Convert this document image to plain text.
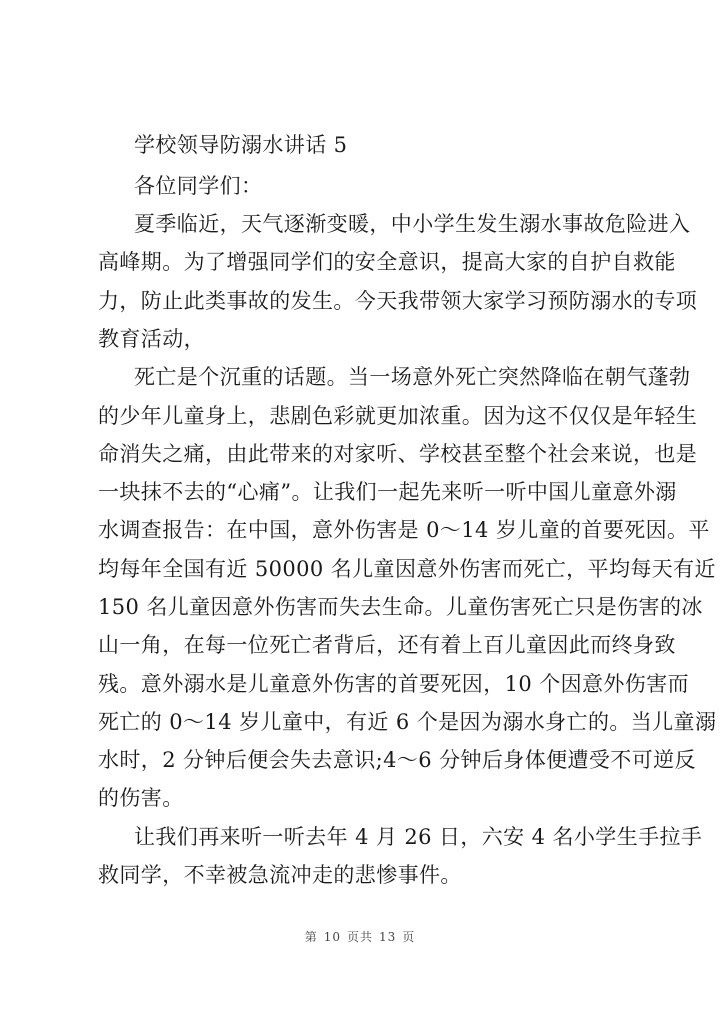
学校领导防溺水讲话 5
各位同学们：
夏季临近，天气逐渐变暖，中小学生发生溺水事故危险进入
高峰期。为了增强同学们的安全意识，提高大家的自护自救能
力，防止此类事故的发生。今天我带领大家学习预防溺水的专项
教育活动，
死亡是个沉重的话题。当一场意外死亡突然降临在朝气蓬勃
的少年儿童身上，悲剧色彩就更加浓重。因为这不仅仅是年轻生
命消失之痛，由此带来的对家听、学校甚至整个社会来说，也是
一块抹不去的“心痛”。让我们一起先来听一听中国儿童意外溺
水调查报告：在中国，意外伤害是 0～14 岁儿童的首要死因。平
均每年全国有近 50000 名儿童因意外伤害而死亡，平均每天有近
150 名儿童因意外伤害而失去生命。儿童伤害死亡只是伤害的冰
山一角，在每一位死亡者背后，还有着上百儿童因此而终身致
残。意外溺水是儿童意外伤害的首要死因，10 个因意外伤害而
死亡的 0～14 岁儿童中，有近 6 个是因为溺水身亡的。当儿童溺
水时，2 分钟后便会失去意识;4～6 分钟后身体便遭受不可逆反
的伤害。
让我们再来听一听去年 4 月 26 日，六安 4 名小学生手拉手
救同学，不幸被急流冲走的悲惨事件。
第 10 页共 13 页
